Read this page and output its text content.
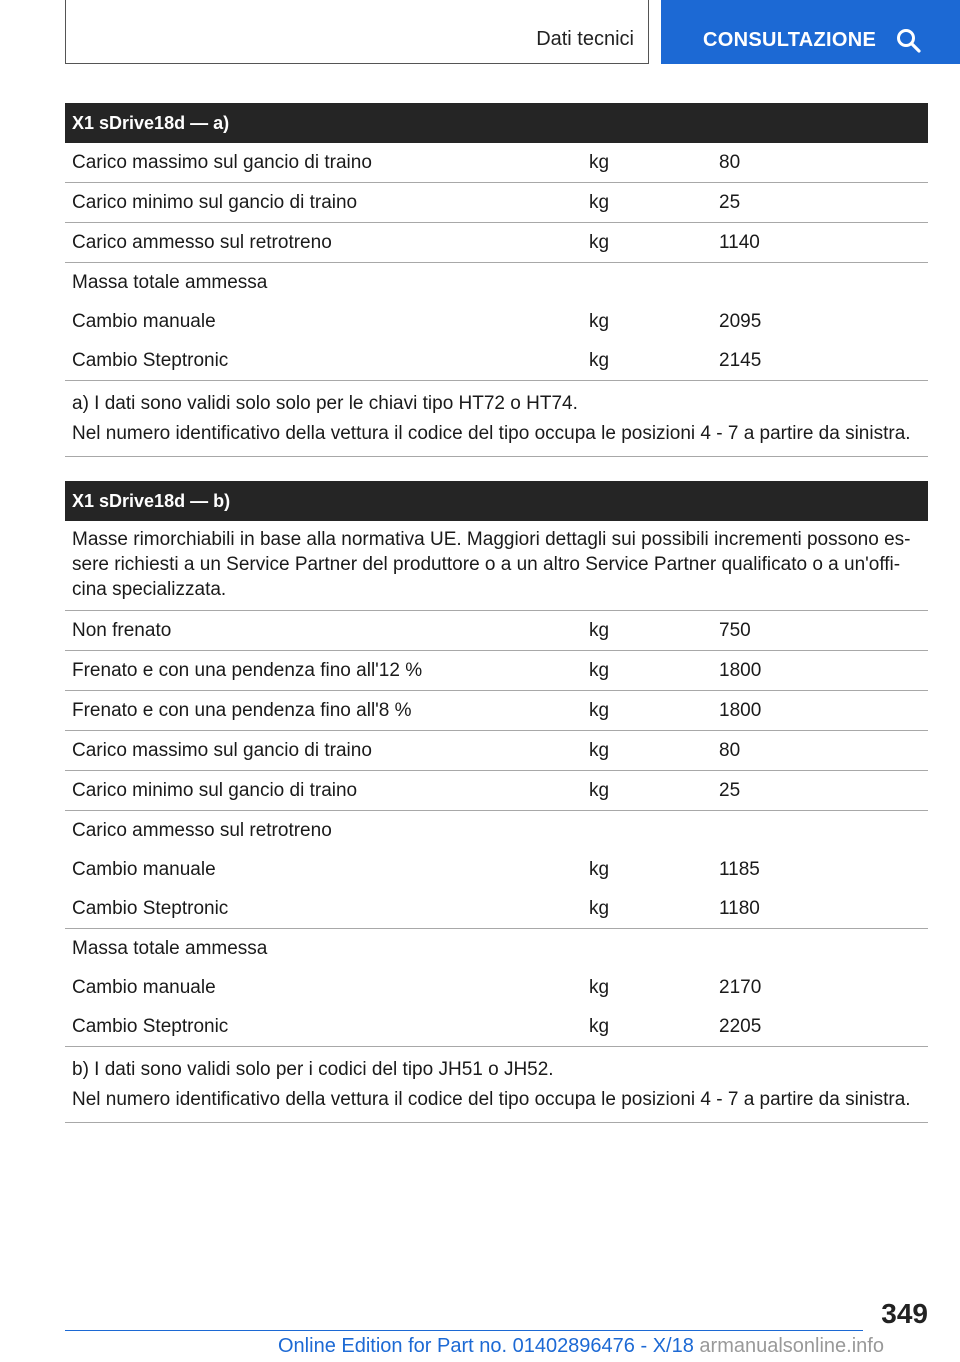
Dati tecnici	CONSULTAZIONE
X1 sDrive18d — a)
Carico massimo sul gancio di traino	kg	80
Carico minimo sul gancio di traino	kg	25
Carico ammesso sul retrotreno	kg	1140
Massa totale ammessa
Cambio manuale	kg	2095
Cambio Steptronic	kg	2145
a) I dati sono validi solo solo per le chiavi tipo HT72 o HT74.
Nel numero identificativo della vettura il codice del tipo occupa le posizioni 4 - 7 a partire da sinistra.
X1 sDrive18d — b)
Masse rimorchiabili in base alla normativa UE. Maggiori dettagli sui possibili incrementi possono es-
sere richiesti a un Service Partner del produttore o a un altro Service Partner qualificato o a un'offi-
cina specializzata.
Non frenato	kg	750
Frenato e con una pendenza fino all'12 %	kg	1800
Frenato e con una pendenza fino all'8 %	kg	1800
Carico massimo sul gancio di traino	kg	80
Carico minimo sul gancio di traino	kg	25
Carico ammesso sul retrotreno
Cambio manuale	kg	1185
Cambio Steptronic	kg	1180
Massa totale ammessa
Cambio manuale	kg	2170
Cambio Steptronic	kg	2205
b) I dati sono validi solo per i codici del tipo JH51 o JH52.
Nel numero identificativo della vettura il codice del tipo occupa le posizioni 4 - 7 a partire da sinistra.
349
Online Edition for Part no. 01402896476 - X/18 armanualsonline.info
